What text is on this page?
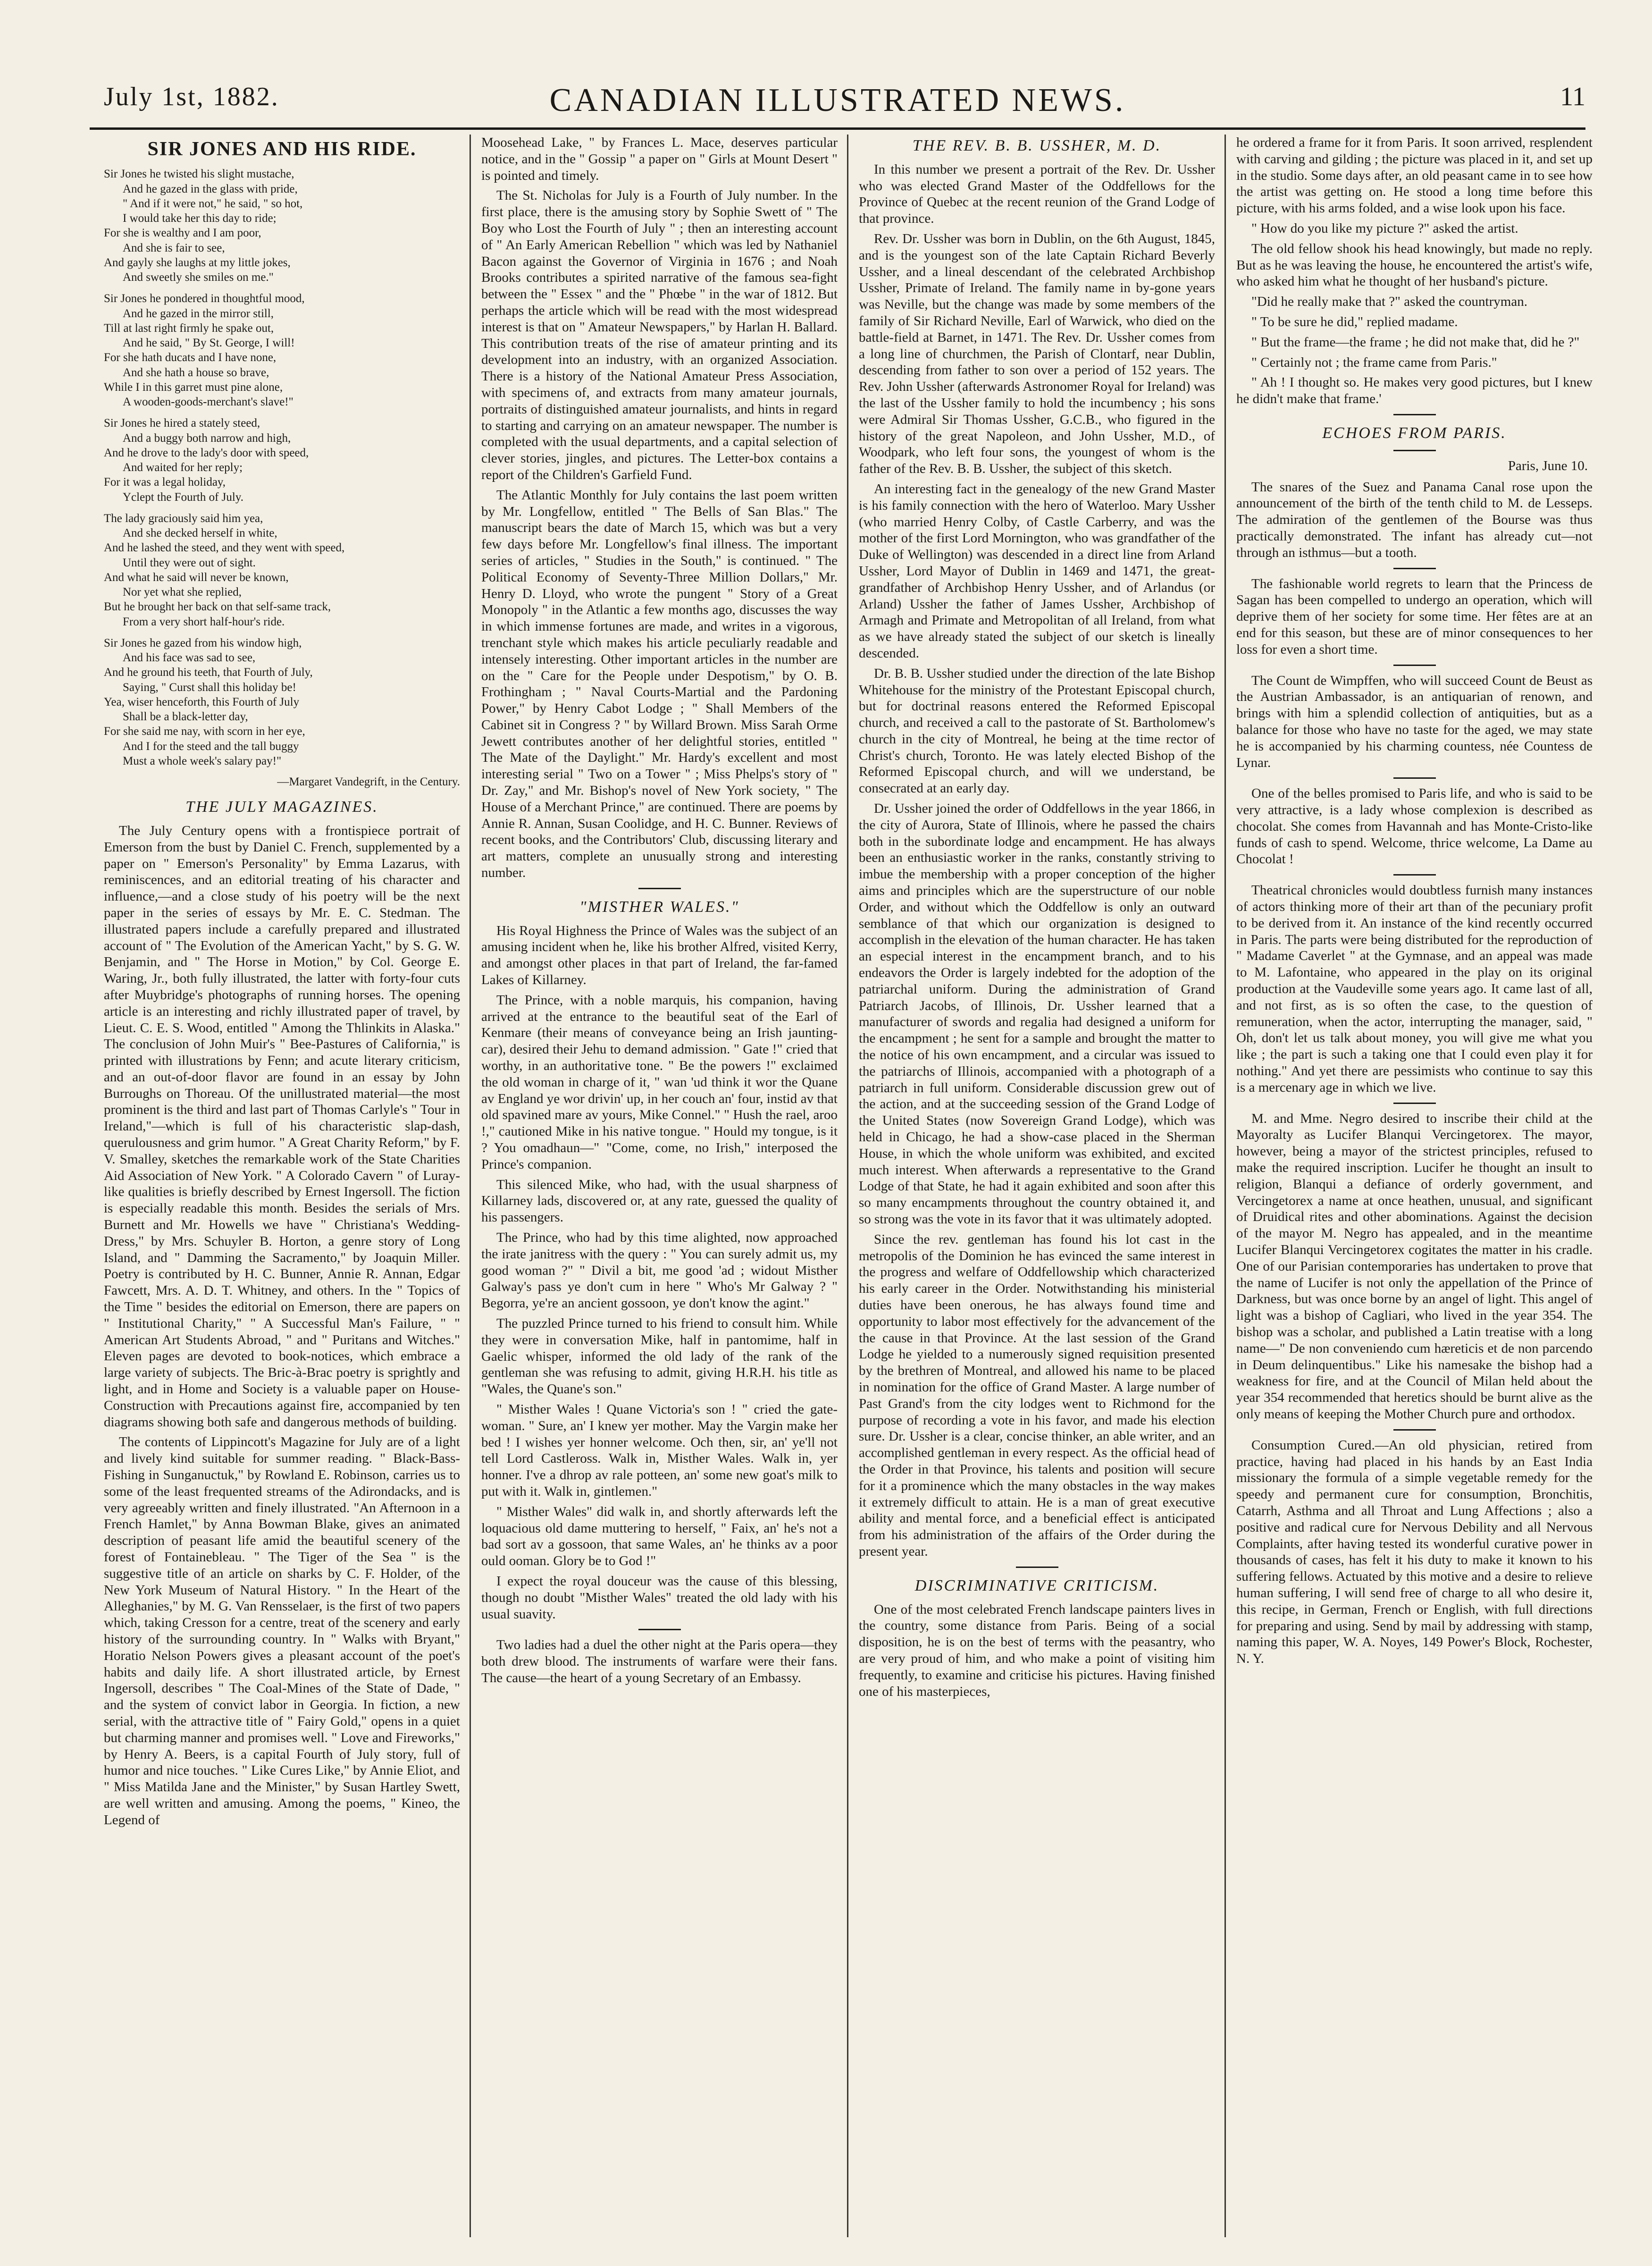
July 1st, 1882.	CANADIAN ILLUSTRATED NEWS.	11
SIR JONES AND HIS RIDE.

Sir Jones he twisted his slight mustache,

And he gazed in the glass with pride,

" And if it were not," he said, " so hot,

I would take her this day to ride;

For she is wealthy and I am poor,

And she is fair to see,

And gayly she laughs at my little jokes,

And sweetly she smiles on me."

Sir Jones he pondered in thoughtful mood,

And he gazed in the mirror still,

Till at last right firmly he spake out,

And he said, " By St. George, I will!

For she hath ducats and I have none,

And she hath a house so brave,

While I in this garret must pine alone,

A wooden-goods-merchant's slave!"

Sir Jones he hired a stately steed,

And a buggy both narrow and high,

And he drove to the lady's door with speed,

And waited for her reply;

For it was a legal holiday,

Yclept the Fourth of July.

The lady graciously said him yea,

And she decked herself in white,

And he lashed the steed, and they went with speed,

Until they were out of sight.

And what he said will never be known,

Nor yet what she replied,

But he brought her back on that self-same track,

From a very short half-hour's ride.

Sir Jones he gazed from his window high,

And his face was sad to see,

And he ground his teeth, that Fourth of July,

Saying, " Curst shall this holiday be!

Yea, wiser henceforth, this Fourth of July

Shall be a black-letter day,

For she said me nay, with scorn in her eye,

And I for the steed and the tall buggy

Must a whole week's salary pay!"

—Margaret Vandegrift, in the Century.
THE JULY MAGAZINES.

The July Century opens with a frontispiece portrait of Emerson from the bust by Daniel C. French, supplemented by a paper on " Emerson's Personality" by Emma Lazarus, with reminiscences, and an editorial treating of his character and influence,—and a close study of his poetry will be the next paper in the series of essays by Mr. E. C. Stedman. The illustrated papers include a carefully prepared and illustrated account of " The Evolution of the American Yacht," by S. G. W. Benjamin, and " The Horse in Motion," by Col. George E. Waring, Jr., both fully illustrated, the latter with forty-four cuts after Muybridge's photographs of running horses. The opening article is an interesting and richly illustrated paper of travel, by Lieut. C. E. S. Wood, entitled " Among the Thlinkits in Alaska." The conclusion of John Muir's " Bee-Pastures of California," is printed with illustrations by Fenn; and acute literary criticism, and an out-of-door flavor are found in an essay by John Burroughs on Thoreau. Of the unillustrated material—the most prominent is the third and last part of Thomas Carlyle's " Tour in Ireland,"—which is full of his characteristic slap-dash, querulousness and grim humor. " A Great Charity Reform," by F. V. Smalley, sketches the remarkable work of the State Charities Aid Association of New York. " A Colorado Cavern " of Luray-like qualities is briefly described by Ernest Ingersoll. The fiction is especially readable this month. Besides the serials of Mrs. Burnett and Mr. Howells we have " Christiana's Wedding-Dress," by Mrs. Schuyler B. Horton, a genre story of Long Island, and " Damming the Sacramento," by Joaquin Miller. Poetry is contributed by H. C. Bunner, Annie R. Annan, Edgar Fawcett, Mrs. A. D. T. Whitney, and others. In the " Topics of the Time " besides the editorial on Emerson, there are papers on " Institutional Charity," " A Successful Man's Failure, " " American Art Students Abroad, " and " Puritans and Witches." Eleven pages are devoted to book-notices, which embrace a large variety of subjects. The Bric-à-Brac poetry is sprightly and light, and in Home and Society is a valuable paper on House-Construction with Precautions against fire, accompanied by ten diagrams showing both safe and dangerous methods of building.

The contents of Lippincott's Magazine for July are of a light and lively kind suitable for summer reading. " Black-Bass-Fishing in Sunganuctuk," by Rowland E. Robinson, carries us to some of the least frequented streams of the Adirondacks, and is very agreeably written and finely illustrated. "An Afternoon in a French Hamlet," by Anna Bowman Blake, gives an animated description of peasant life amid the beautiful scenery of the forest of Fontainebleau. " The Tiger of the Sea " is the suggestive title of an article on sharks by C. F. Holder, of the New York Museum of Natural History. " In the Heart of the Alleghanies," by M. G. Van Rensselaer, is the first of two papers which, taking Cresson for a centre, treat of the scenery and early history of the surrounding country. In " Walks with Bryant," Horatio Nelson Powers gives a pleasant account of the poet's habits and daily life. A short illustrated article, by Ernest Ingersoll, describes " The Coal-Mines of the State of Dade, " and the system of convict labor in Georgia. In fiction, a new serial, with the attractive title of " Fairy Gold," opens in a quiet but charming manner and promises well. " Love and Fireworks," by Henry A. Beers, is a capital Fourth of July story, full of humor and nice touches. " Like Cures Like," by Annie Eliot, and " Miss Matilda Jane and the Minister," by Susan Hartley Swett, are well written and amusing. Among the poems, " Kineo, the Legend of

Moosehead Lake, " by Frances L. Mace, deserves particular notice, and in the " Gossip " a paper on " Girls at Mount Desert " is pointed and timely.

The St. Nicholas for July is a Fourth of July number. In the first place, there is the amusing story by Sophie Swett of " The Boy who Lost the Fourth of July " ; then an interesting account of " An Early American Rebellion " which was led by Nathaniel Bacon against the Governor of Virginia in 1676 ; and Noah Brooks contributes a spirited narrative of the famous sea-fight between the " Essex " and the " Phœbe " in the war of 1812. But perhaps the article which will be read with the most widespread interest is that on " Amateur Newspapers," by Harlan H. Ballard. This contribution treats of the rise of amateur printing and its development into an industry, with an organized Association. There is a history of the National Amateur Press Association, with specimens of, and extracts from many amateur journals, portraits of distinguished amateur journalists, and hints in regard to starting and carrying on an amateur newspaper. The number is completed with the usual departments, and a capital selection of clever stories, jingles, and pictures. The Letter-box contains a report of the Children's Garfield Fund.

The Atlantic Monthly for July contains the last poem written by Mr. Longfellow, entitled " The Bells of San Blas." The manuscript bears the date of March 15, which was but a very few days before Mr. Longfellow's final illness. The important series of articles, " Studies in the South," is continued. " The Political Economy of Seventy-Three Million Dollars," Mr. Henry D. Lloyd, who wrote the pungent " Story of a Great Monopoly " in the Atlantic a few months ago, discusses the way in which immense fortunes are made, and writes in a vigorous, trenchant style which makes his article peculiarly readable and intensely interesting. Other important articles in the number are on the " Care for the People under Despotism," by O. B. Frothingham ; " Naval Courts-Martial and the Pardoning Power," by Henry Cabot Lodge ; " Shall Members of the Cabinet sit in Congress ? " by Willard Brown. Miss Sarah Orme Jewett contributes another of her delightful stories, entitled " The Mate of the Daylight." Mr. Hardy's excellent and most interesting serial " Two on a Tower " ; Miss Phelps's story of " Dr. Zay," and Mr. Bishop's novel of New York society, " The House of a Merchant Prince," are continued. There are poems by Annie R. Annan, Susan Coolidge, and H. C. Bunner. Reviews of recent books, and the Contributors' Club, discussing literary and art matters, complete an unusually strong and interesting number.

"MISTHER WALES."

His Royal Highness the Prince of Wales was the subject of an amusing incident when he, like his brother Alfred, visited Kerry, and amongst other places in that part of Ireland, the far-famed Lakes of Killarney.

The Prince, with a noble marquis, his companion, having arrived at the entrance to the beautiful seat of the Earl of Kenmare (their means of conveyance being an Irish jaunting-car), desired their Jehu to demand admission. " Gate !" cried that worthy, in an authoritative tone. " Be the powers !" exclaimed the old woman in charge of it, " wan 'ud think it wor the Quane av England ye wor drivin' up, in her couch an' four, instid av that old spavined mare av yours, Mike Connel." " Hush the rael, aroo !," cautioned Mike in his native tongue. " Hould my tongue, is it ? You omadhaun—" "Come, come, no Irish," interposed the Prince's companion.

This silenced Mike, who had, with the usual sharpness of Killarney lads, discovered or, at any rate, guessed the quality of his passengers.

The Prince, who had by this time alighted, now approached the irate janitress with the query : " You can surely admit us, my good woman ?" " Divil a bit, me good 'ad ; widout Misther Galway's pass ye don't cum in here " Who's Mr Galway ? " Begorra, ye're an ancient gossoon, ye don't know the agint."

The puzzled Prince turned to his friend to consult him. While they were in conversation Mike, half in pantomime, half in Gaelic whisper, informed the old lady of the rank of the gentleman she was refusing to admit, giving H.R.H. his title as "Wales, the Quane's son."

" Misther Wales ! Quane Victoria's son ! " cried the gate-woman. " Sure, an' I knew yer mother. May the Vargin make her bed ! I wishes yer honner welcome. Och then, sir, an' ye'll not tell Lord Castleross. Walk in, Misther Wales. Walk in, yer honner. I've a dhrop av rale potteen, an' some new goat's milk to put with it. Walk in, gintlemen."

" Misther Wales" did walk in, and shortly afterwards left the loquacious old dame muttering to herself, " Faix, an' he's not a bad sort av a gossoon, that same Wales, an' he thinks av a poor ould ooman. Glory be to God !"

I expect the royal douceur was the cause of this blessing, though no doubt "Misther Wales" treated the old lady with his usual suavity.

Two ladies had a duel the other night at the Paris opera—they both drew blood. The instruments of warfare were their fans. The cause—the heart of a young Secretary of an Embassy.

THE REV. B. B. USSHER, M. D.

In this number we present a portrait of the Rev. Dr. Ussher who was elected Grand Master of the Oddfellows for the Province of Quebec at the recent reunion of the Grand Lodge of that province.

Rev. Dr. Ussher was born in Dublin, on the 6th August, 1845, and is the youngest son of the late Captain Richard Beverly Ussher, and a lineal descendant of the celebrated Archbishop Ussher, Primate of Ireland. The family name in by-gone years was Neville, but the change was made by some members of the family of Sir Richard Neville, Earl of Warwick, who died on the battle-field at Barnet, in 1471. The Rev. Dr. Ussher comes from a long line of churchmen, the Parish of Clontarf, near Dublin, descending from father to son over a period of 152 years. The Rev. John Ussher (afterwards Astronomer Royal for Ireland) was the last of the Ussher family to hold the incumbency ; his sons were Admiral Sir Thomas Ussher, G.C.B., who figured in the history of the great Napoleon, and John Ussher, M.D., of Woodpark, who left four sons, the youngest of whom is the father of the Rev. B. B. Ussher, the subject of this sketch.

An interesting fact in the genealogy of the new Grand Master is his family connection with the hero of Waterloo. Mary Ussher (who married Henry Colby, of Castle Carberry, and was the mother of the first Lord Mornington, who was grandfather of the Duke of Wellington) was descended in a direct line from Arland Ussher, Lord Mayor of Dublin in 1469 and 1471, the great-grandfather of Archbishop Henry Ussher, and of Arlandus (or Arland) Ussher the father of James Ussher, Archbishop of Armagh and Primate and Metropolitan of all Ireland, from what as we have already stated the subject of our sketch is lineally descended.

Dr. B. B. Ussher studied under the direction of the late Bishop Whitehouse for the ministry of the Protestant Episcopal church, but for doctrinal reasons entered the Reformed Episcopal church, and received a call to the pastorate of St. Bartholomew's church in the city of Montreal, he being at the time rector of Christ's church, Toronto. He was lately elected Bishop of the Reformed Episcopal church, and will we understand, be consecrated at an early day.

Dr. Ussher joined the order of Oddfellows in the year 1866, in the city of Aurora, State of Illinois, where he passed the chairs both in the subordinate lodge and encampment. He has always been an enthusiastic worker in the ranks, constantly striving to imbue the membership with a proper conception of the higher aims and principles which are the superstructure of our noble Order, and without which the Oddfellow is only an outward semblance of that which our organization is designed to accomplish in the elevation of the human character. He has taken an especial interest in the encampment branch, and to his endeavors the Order is largely indebted for the adoption of the patriarchal uniform. During the administration of Grand Patriarch Jacobs, of Illinois, Dr. Ussher learned that a manufacturer of swords and regalia had designed a uniform for the encampment ; he sent for a sample and brought the matter to the notice of his own encampment, and a circular was issued to the patriarchs of Illinois, accompanied with a photograph of a patriarch in full uniform. Considerable discussion grew out of the action, and at the succeeding session of the Grand Lodge of the United States (now Sovereign Grand Lodge), which was held in Chicago, he had a show-case placed in the Sherman House, in which the whole uniform was exhibited, and excited much interest. When afterwards a representative to the Grand Lodge of that State, he had it again exhibited and soon after this so many encampments throughout the country obtained it, and so strong was the vote in its favor that it was ultimately adopted.

Since the rev. gentleman has found his lot cast in the metropolis of the Dominion he has evinced the same interest in the progress and welfare of Oddfellowship which characterized his early career in the Order. Notwithstanding his ministerial duties have been onerous, he has always found time and opportunity to labor most effectively for the advancement of the the cause in that Province. At the last session of the Grand Lodge he yielded to a numerously signed requisition presented by the brethren of Montreal, and allowed his name to be placed in nomination for the office of Grand Master. A large number of Past Grand's from the city lodges went to Richmond for the purpose of recording a vote in his favor, and made his election sure. Dr. Ussher is a clear, concise thinker, an able writer, and an accomplished gentleman in every respect. As the official head of the Order in that Province, his talents and position will secure for it a prominence which the many obstacles in the way makes it extremely difficult to attain. He is a man of great executive ability and mental force, and a beneficial effect is anticipated from his administration of the affairs of the Order during the present year.

DISCRIMINATIVE CRITICISM.

One of the most celebrated French landscape painters lives in the country, some distance from Paris. Being of a social disposition, he is on the best of terms with the peasantry, who are very proud of him, and who make a point of visiting him frequently, to examine and criticise his pictures. Having finished one of his masterpieces,

he ordered a frame for it from Paris. It soon arrived, resplendent with carving and gilding ; the picture was placed in it, and set up in the studio. Some days after, an old peasant came in to see how the artist was getting on. He stood a long time before this picture, with his arms folded, and a wise look upon his face.

" How do you like my picture ?" asked the artist.

The old fellow shook his head knowingly, but made no reply. But as he was leaving the house, he encountered the artist's wife, who asked him what he thought of her husband's picture.

"Did he really make that ?" asked the countryman.

" To be sure he did," replied madame.

" But the frame—the frame ; he did not make that, did he ?"

" Certainly not ; the frame came from Paris."

" Ah ! I thought so. He makes very good pictures, but I knew he didn't make that frame.'

ECHOES FROM PARIS.
Paris, June 10.

The snares of the Suez and Panama Canal rose upon the announcement of the birth of the tenth child to M. de Lesseps. The admiration of the gentlemen of the Bourse was thus practically demonstrated. The infant has already cut—not through an isthmus—but a tooth.

The fashionable world regrets to learn that the Princess de Sagan has been compelled to undergo an operation, which will deprive them of her society for some time. Her fêtes are at an end for this season, but these are of minor consequences to her loss for even a short time.

The Count de Wimpffen, who will succeed Count de Beust as the Austrian Ambassador, is an antiquarian of renown, and brings with him a splendid collection of antiquities, but as a balance for those who have no taste for the aged, we may state he is accompanied by his charming countess, née Countess de Lynar.

One of the belles promised to Paris life, and who is said to be very attractive, is a lady whose complexion is described as chocolat. She comes from Havannah and has Monte-Cristo-like funds of cash to spend. Welcome, thrice welcome, La Dame au Chocolat !

Theatrical chronicles would doubtless furnish many instances of actors thinking more of their art than of the pecuniary profit to be derived from it. An instance of the kind recently occurred in Paris. The parts were being distributed for the reproduction of " Madame Caverlet " at the Gymnase, and an appeal was made to M. Lafontaine, who appeared in the play on its original production at the Vaudeville some years ago. It came last of all, and not first, as is so often the case, to the question of remuneration, when the actor, interrupting the manager, said, " Oh, don't let us talk about money, you will give me what you like ; the part is such a taking one that I could even play it for nothing." And yet there are pessimists who continue to say this is a mercenary age in which we live.

M. and Mme. Negro desired to inscribe their child at the Mayoralty as Lucifer Blanqui Vercingetorex. The mayor, however, being a mayor of the strictest principles, refused to make the required inscription. Lucifer he thought an insult to religion, Blanqui a defiance of orderly government, and Vercingetorex a name at once heathen, unusual, and significant of Druidical rites and other abominations. Against the decision of the mayor M. Negro has appealed, and in the meantime Lucifer Blanqui Vercingetorex cogitates the matter in his cradle. One of our Parisian contemporaries has undertaken to prove that the name of Lucifer is not only the appellation of the Prince of Darkness, but was once borne by an angel of light. This angel of light was a bishop of Cagliari, who lived in the year 354. The bishop was a scholar, and published a Latin treatise with a long name—" De non conveniendo cum hæreticis et de non parcendo in Deum delinquentibus." Like his namesake the bishop had a weakness for fire, and at the Council of Milan held about the year 354 recommended that heretics should be burnt alive as the only means of keeping the Mother Church pure and orthodox.

Consumption Cured.—An old physician, retired from practice, having had placed in his hands by an East India missionary the formula of a simple vegetable remedy for the speedy and permanent cure for consumption, Bronchitis, Catarrh, Asthma and all Throat and Lung Affections ; also a positive and radical cure for Nervous Debility and all Nervous Complaints, after having tested its wonderful curative power in thousands of cases, has felt it his duty to make it known to his suffering fellows. Actuated by this motive and a desire to relieve human suffering, I will send free of charge to all who desire it, this recipe, in German, French or English, with full directions for preparing and using. Send by mail by addressing with stamp, naming this paper, W. A. Noyes, 149 Power's Block, Rochester, N. Y.
